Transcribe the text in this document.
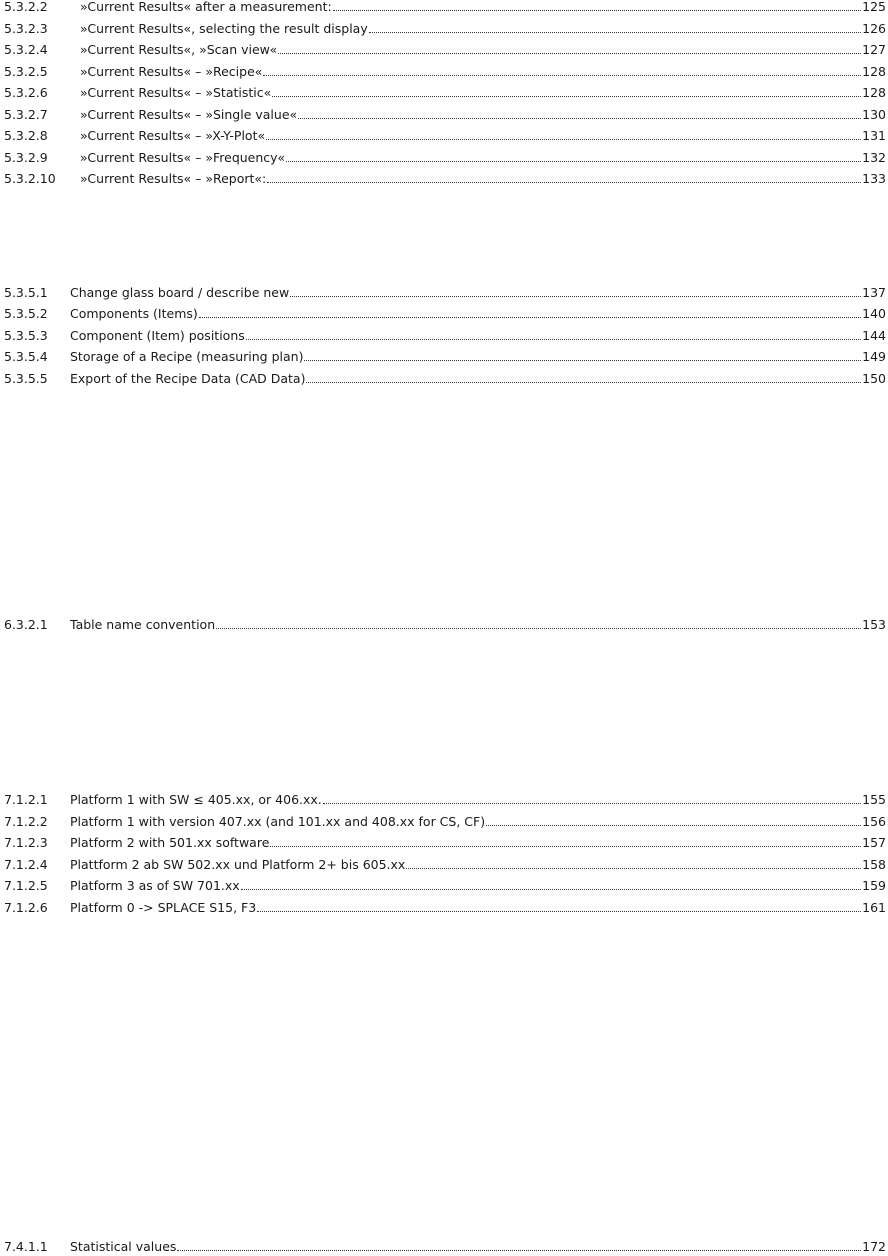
5.3.2.2	»Current Results« after a measurement:	125
5.3.2.3	»Current Results«, selecting the result display	126
5.3.2.4	»Current Results«, »Scan view«	127
5.3.2.5	»Current Results« – »Recipe«	128
5.3.2.6	»Current Results« – »Statistic«	128
5.3.2.7	»Current Results« – »Single value«	130
5.3.2.8	»Current Results« – »X-Y-Plot«	131
5.3.2.9	»Current Results« – »Frequency«	132
5.3.2.10	»Current Results« – »Report«:	133
5.3.5.1	Change glass board / describe new	137
5.3.5.2	Components (Items)	140
5.3.5.3	Component (Item) positions	144
5.3.5.4	Storage of a Recipe (measuring plan)	149
5.3.5.5	Export of the Recipe Data (CAD Data)	150
6.3.2.1	Table name convention	153
7.1.2.1	Platform 1 with SW ≤ 405.xx, or 406.xx.	155
7.1.2.2	Platform 1 with version 407.xx (and 101.xx and 408.xx for CS, CF)	156
7.1.2.3	Platform 2 with 501.xx software	157
7.1.2.4	Plattform 2 ab SW 502.xx und Platform 2+ bis 605.xx	158
7.1.2.5	Platform 3 as of SW 701.xx	159
7.1.2.6	Platform 0 -> SPLACE S15, F3	161
7.4.1.1	Statistical values	172
